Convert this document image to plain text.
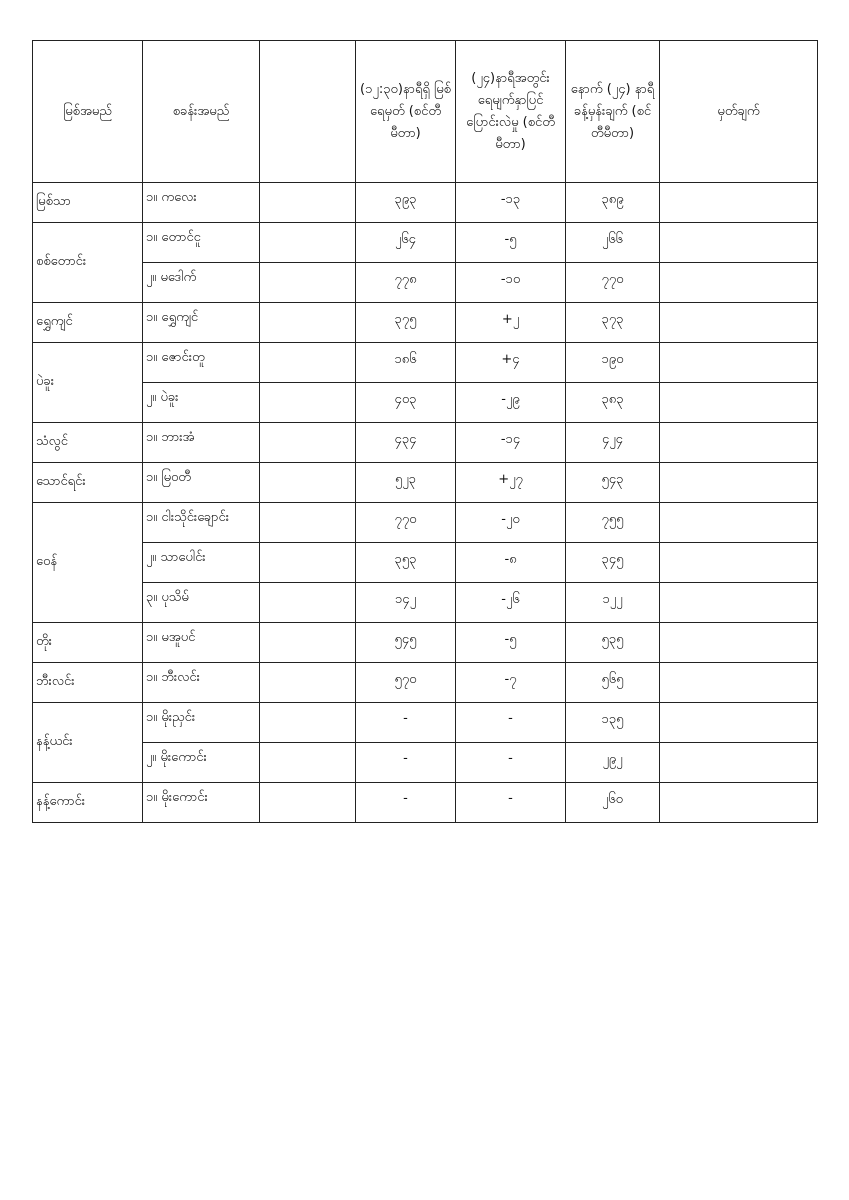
မြစ်အမည်	စခန်းအမည်		(၁၂:၃၀)နာရီရှိ မြစ်ရေမှတ် (စင်တီမီတာ)	(၂၄)နာရီအတွင်း ရေမျက်နှာပြင် ပြောင်းလဲမှု (စင်တီမီတာ)	နောက် (၂၄) နာရီ ခန့်မှန်းချက် (စင်တီမီတာ)	မှတ်ချက်
မြစ်သာ	၁။ ကလေး		၃၉၃	-၁၃	၃၈၉	
စစ်တောင်း	၁။ တောင်ငူ		၂၆၄	-၅	၂၆၆	
	၂။ မဒေါက်		၇၇၈	-၁၀	၇၇၀	
ရွှေကျင်	၁။ ရွှေကျင်		၃၇၅	+၂	၃၇၃	
ပဲခူး	၁။ ဇောင်းတူ		၁၈၆	+၄	၁၉၀	
	၂။ ပဲခူး		၄၀၃	-၂၉	၃၈၃	
သံလွင်	၁။ ဘားအံ		၄၃၄	-၁၄	၄၂၄	
သောင်ရင်း	၁။ မြဝတီ		၅၂၃	+၂၇	၅၄၃	
ဝေန်	၁။ ငါးသိုင်းချောင်း		၇၇၀	-၂၀	၇၅၅	
	၂။ သာပေါင်း		၃၅၃	-၈	၃၄၅	
	၃။ ပုသိမ်		၁၄၂	-၂၆	၁၂၂	
တိုး	၁။ မအူပင်		၅၄၅	-၅	၅၃၅	
ဘီးလင်း	၁။ ဘီးလင်း		၅၇၀	-၇	၅၆၅	
နန့်ယင်း	၁။ မိုးညှင်း		-	-	၁၃၅	
	၂။ မိုးကောင်း		-	-	၂၉၂	
နန့်ကောင်း	၁။ မိုးကောင်း		-	-	၂၆၀	
